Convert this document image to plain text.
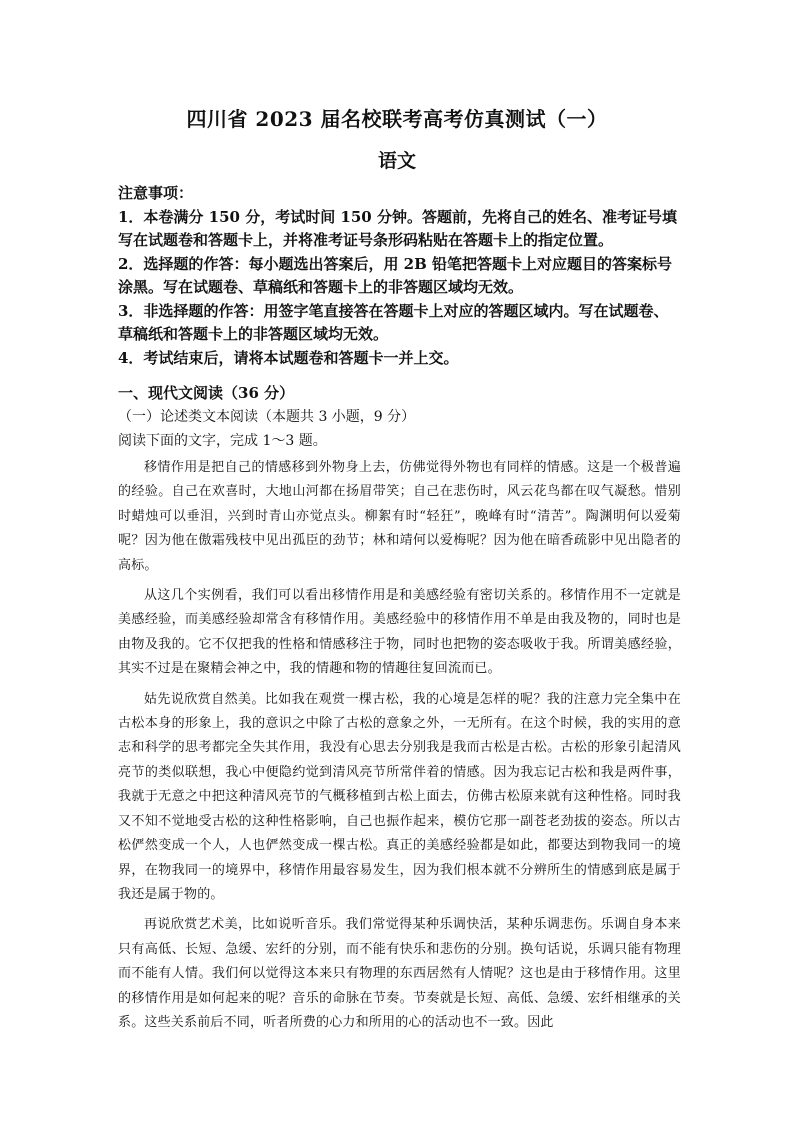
四川省 2023 届名校联考高考仿真测试（一）
语文

注意事项：

1．本卷满分 150 分，考试时间 150 分钟。答题前，先将自己的姓名、准考证号填写在试题卷和答题卡上，并将准考证号条形码粘贴在答题卡上的指定位置。

2．选择题的作答：每小题选出答案后，用 2B 铅笔把答题卡上对应题目的答案标号涂黑。写在试题卷、草稿纸和答题卡上的非答题区域均无效。

3．非选择题的作答：用签字笔直接答在答题卡上对应的答题区域内。写在试题卷、草稿纸和答题卡上的非答题区域均无效。

4．考试结束后，请将本试题卷和答题卡一并上交。

一、现代文阅读（36 分）
（一）论述类文本阅读（本题共 3 小题，9 分）
阅读下面的文字，完成 1～3 题。

移情作用是把自己的情感移到外物身上去，仿佛觉得外物也有同样的情感。这是一个极普遍的经验。自己在欢喜时，大地山河都在扬眉带笑；自己在悲伤时，风云花鸟都在叹气凝愁。惜别时蜡烛可以垂泪，兴到时青山亦觉点头。柳絮有时“轻狂”，晚峰有时“清苦”。陶渊明何以爱菊呢？因为他在傲霜残枝中见出孤臣的劲节；林和靖何以爱梅呢？因为他在暗香疏影中见出隐者的高标。

从这几个实例看，我们可以看出移情作用是和美感经验有密切关系的。移情作用不一定就是美感经验，而美感经验却常含有移情作用。美感经验中的移情作用不单是由我及物的，同时也是由物及我的。它不仅把我的性格和情感移注于物，同时也把物的姿态吸收于我。所谓美感经验，其实不过是在聚精会神之中，我的情趣和物的情趣往复回流而已。

姑先说欣赏自然美。比如我在观赏一棵古松，我的心境是怎样的呢？我的注意力完全集中在古松本身的形象上，我的意识之中除了古松的意象之外，一无所有。在这个时候，我的实用的意志和科学的思考都完全失其作用，我没有心思去分别我是我而古松是古松。古松的形象引起清风亮节的类似联想，我心中便隐约觉到清风亮节所常伴着的情感。因为我忘记古松和我是两件事，我就于无意之中把这种清风亮节的气概移植到古松上面去，仿佛古松原来就有这种性格。同时我又不知不觉地受古松的这种性格影响，自己也振作起来，模仿它那一副苍老劲拔的姿态。所以古松俨然变成一个人，人也俨然变成一棵古松。真正的美感经验都是如此，都要达到物我同一的境界，在物我同一的境界中，移情作用最容易发生，因为我们根本就不分辨所生的情感到底是属于我还是属于物的。

再说欣赏艺术美，比如说听音乐。我们常觉得某种乐调快活，某种乐调悲伤。乐调自身本来只有高低、长短、急缓、宏纤的分别，而不能有快乐和悲伤的分别。换句话说，乐调只能有物理而不能有人情。我们何以觉得这本来只有物理的东西居然有人情呢？这也是由于移情作用。这里的移情作用是如何起来的呢？音乐的命脉在节奏。节奏就是长短、高低、急缓、宏纤相继承的关系。这些关系前后不同，听者所费的心力和所用的心的活动也不一致。因此
